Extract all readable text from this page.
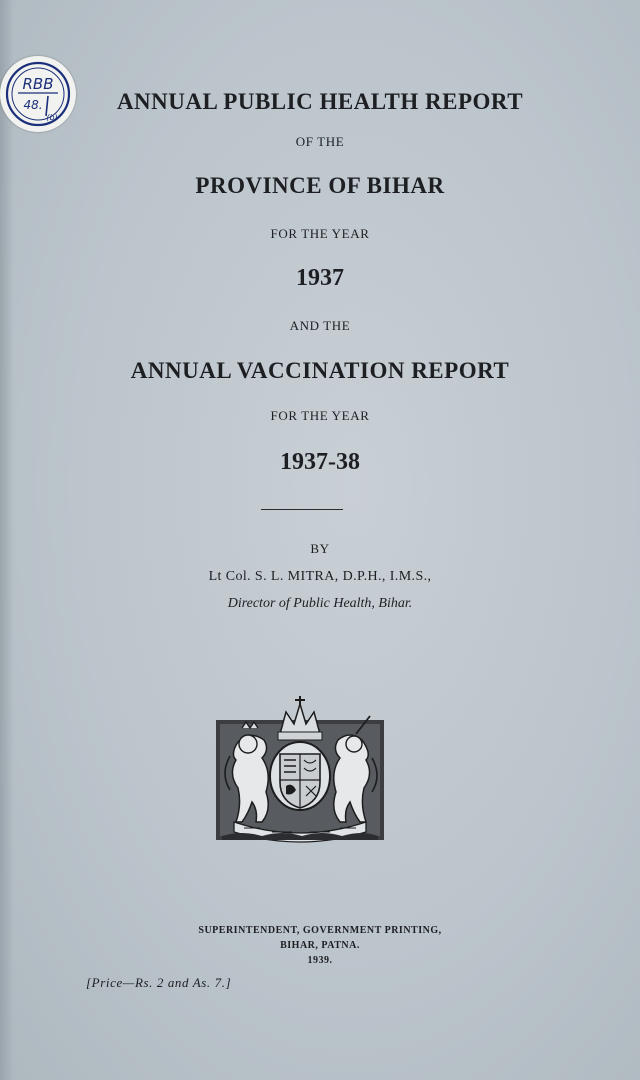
RBB
48.
(b)
ANNUAL PUBLIC HEALTH REPORT
OF THE
PROVINCE OF BIHAR
FOR THE YEAR
1937
AND THE
ANNUAL VACCINATION REPORT
FOR THE YEAR
1937-38
BY
Lt Col. S. L. MITRA, D.P.H., I.M.S.,
Director of Public Health, Bihar.
SUPERINTENDENT, GOVERNMENT PRINTING,
BIHAR, PATNA.
1939.
[Price—Rs. 2 and As. 7.]
